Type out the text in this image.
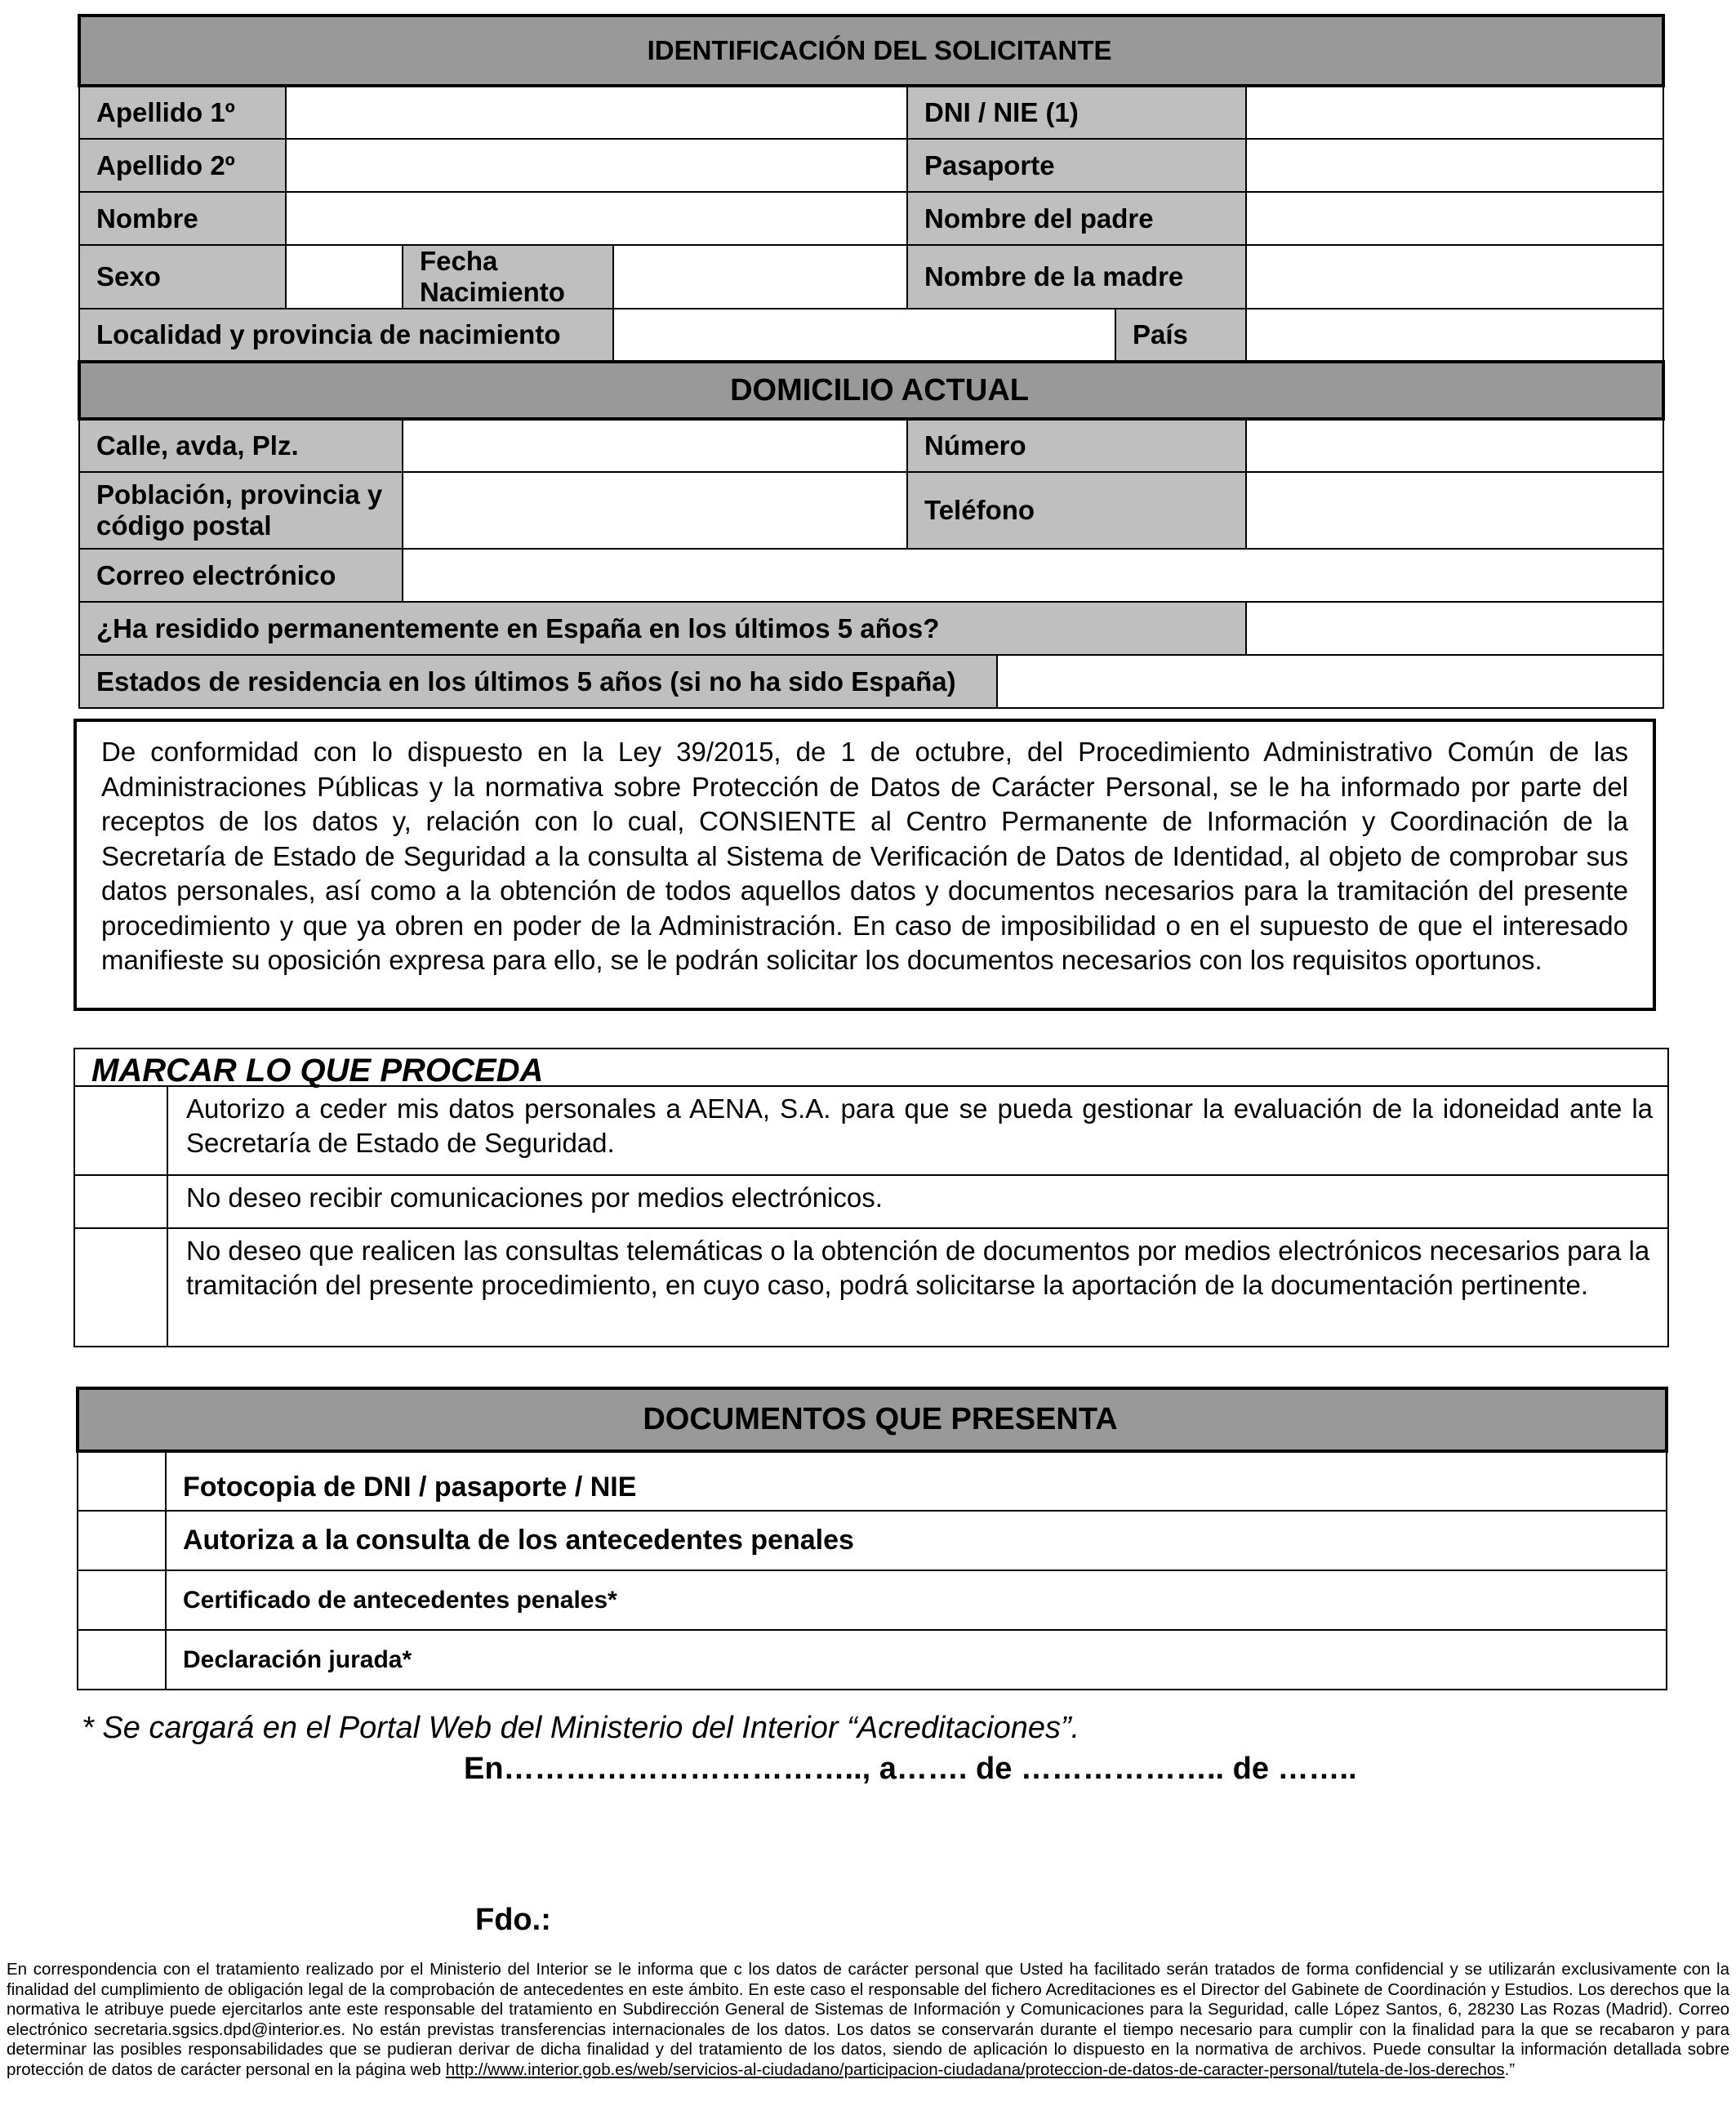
IDENTIFICACIÓN DEL SOLICITANTE							
Apellido 1º				DNI / NIE (1)			
Apellido 2º				Pasaporte			
Nombre				Nombre del padre			
Sexo		Fecha Nacimiento		Nombre de la madre			
Localidad y provincia de nacimiento						País	
DOMICILIO ACTUAL							
Calle, avda, Plz.				Número			
Población, provincia y código postal				Teléfono			
Correo electrónico							
¿Ha residido permanentemente en España en los últimos 5 años?							
Estados de residencia en los últimos 5 años (si no ha sido España)							
De conformidad con lo dispuesto en la Ley 39/2015, de 1 de octubre, del Procedimiento Administrativo Común de las Administraciones Públicas y la normativa sobre Protección de Datos de Carácter Personal, se le ha informado por parte del receptos de los datos y, relación con lo cual, CONSIENTE al Centro Permanente de Información y Coordinación de la Secretaría de Estado de Seguridad a la consulta al Sistema de Verificación de Datos de Identidad, al objeto de comprobar sus datos personales, así como a la obtención de todos aquellos datos y documentos necesarios para la tramitación del presente procedimiento y que ya obren en poder de la Administración. En caso de imposibilidad o en el supuesto de que el interesado manifieste su oposición expresa para ello, se le podrán solicitar los documentos necesarios con los requisitos oportunos.
MARCAR LO QUE PROCEDA
Autorizo a ceder mis datos personales a AENA, S.A. para que se pueda gestionar la evaluación de la idoneidad ante la Secretaría de Estado de Seguridad.
No deseo recibir comunicaciones por medios electrónicos.
No deseo que realicen las consultas telemáticas o la obtención de documentos por medios electrónicos necesarios para la tramitación del presente procedimiento, en cuyo caso, podrá solicitarse la aportación de la documentación pertinente.
DOCUMENTOS QUE PRESENTA	
	Fotocopia de DNI / pasaporte / NIE
	Autoriza a la consulta de los antecedentes penales
	Certificado de antecedentes penales*
	Declaración jurada*
* Se cargará en el Portal Web del Ministerio del Interior “Acreditaciones”.
En…………………………….., a……. de ……………….. de ……..
Fdo.:
En correspondencia con el tratamiento realizado por el Ministerio del Interior se le informa que c los datos de carácter personal que Usted ha facilitado serán tratados de forma confidencial y se utilizarán exclusivamente con la finalidad del cumplimiento de obligación legal de la comprobación de antecedentes en este ámbito. En este caso el responsable del fichero Acreditaciones es el Director del Gabinete de Coordinación y Estudios. Los derechos que la normativa le atribuye puede ejercitarlos ante este responsable del tratamiento en Subdirección General de Sistemas de Información y Comunicaciones para la Seguridad, calle López Santos, 6, 28230 Las Rozas (Madrid). Correo electrónico secretaria.sgsics.dpd@interior.es. No están previstas transferencias internacionales de los datos. Los datos se conservarán durante el tiempo necesario para cumplir con la finalidad para la que se recabaron y para determinar las posibles responsabilidades que se pudieran derivar de dicha finalidad y del tratamiento de los datos, siendo de aplicación lo dispuesto en la normativa de archivos. Puede consultar la información detallada sobre protección de datos de carácter personal en la página web http://www.interior.gob.es/web/servicios-al-ciudadano/participacion-ciudadana/proteccion-de-datos-de-caracter-personal/tutela-de-los-derechos.”
